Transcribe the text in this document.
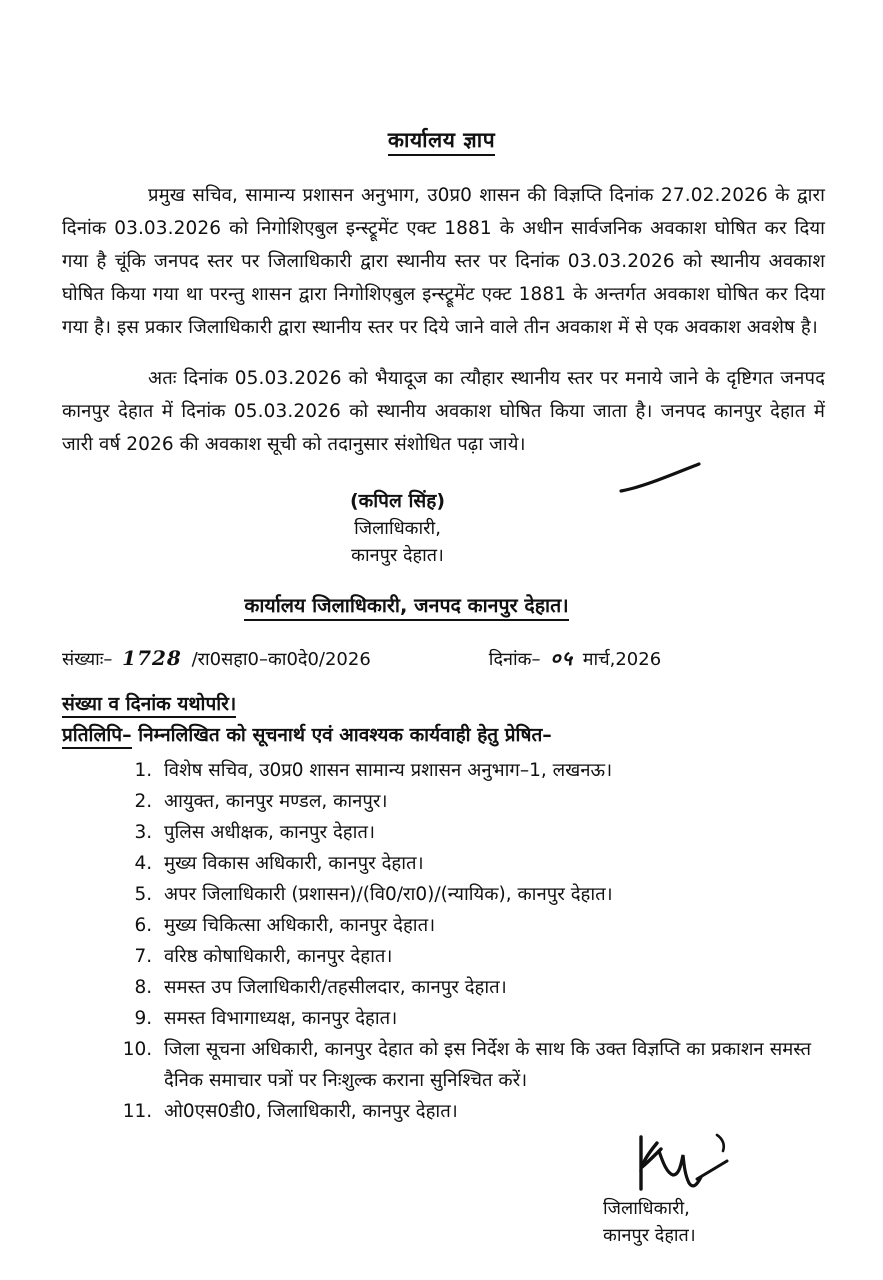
कार्यालय ज्ञाप

प्रमुख सचिव, सामान्य प्रशासन अनुभाग, उ0प्र0 शासन की विज्ञप्ति दिनांक 27.02.2026 के द्वारा दिनांक 03.03.2026 को निगोशिएबुल इन्स्ट्रूमेंट एक्ट 1881 के अधीन सार्वजनिक अवकाश घोषित कर दिया गया है चूंकि जनपद स्तर पर जिलाधिकारी द्वारा स्थानीय स्तर पर दिनांक 03.03.2026 को स्थानीय अवकाश घोषित किया गया था परन्तु शासन द्वारा निगोशिएबुल इन्स्ट्रूमेंट एक्ट 1881 के अन्तर्गत अवकाश घोषित कर दिया गया है। इस प्रकार जिलाधिकारी द्वारा स्थानीय स्तर पर दिये जाने वाले तीन अवकाश में से एक अवकाश अवशेष है।

अतः दिनांक 05.03.2026 को भैयादूज का त्यौहार स्थानीय स्तर पर मनाये जाने के दृष्टिगत जनपद कानपुर देहात में दिनांक 05.03.2026 को स्थानीय अवकाश घोषित किया जाता है। जनपद कानपुर देहात में जारी वर्ष 2026 की अवकाश सूची को तदानुसार संशोधित पढ़ा जाये।

(कपिल सिंह)
जिलाधिकारी,
कानपुर देहात।
कार्यालय जिलाधिकारी, जनपद कानपुर देहात।
संख्याः– 1728 /रा0सहा0–का0दे0/2026	दिनांक– ०५ मार्च,2026
संख्या व दिनांक यथोपरि।
प्रतिलिपि– निम्नलिखित को सूचनार्थ एवं आवश्यक कार्यवाही हेतु प्रेषित–
1. विशेष सचिव, उ0प्र0 शासन सामान्य प्रशासन अनुभाग–1, लखनऊ।
2. आयुक्त, कानपुर मण्डल, कानपुर।
3. पुलिस अधीक्षक, कानपुर देहात।
4. मुख्य विकास अधिकारी, कानपुर देहात।
5. अपर जिलाधिकारी (प्रशासन)/(वि0/रा0)/(न्यायिक), कानपुर देहात।
6. मुख्य चिकित्सा अधिकारी, कानपुर देहात।
7. वरिष्ठ कोषाधिकारी, कानपुर देहात।
8. समस्त उप जिलाधिकारी/तहसीलदार, कानपुर देहात।
9. समस्त विभागाध्यक्ष, कानपुर देहात।
10. जिला सूचना अधिकारी, कानपुर देहात को इस निर्देश के साथ कि उक्त विज्ञप्ति का प्रकाशन समस्त दैनिक समाचार पत्रों पर निःशुल्क कराना सुनिश्चित करें।
11. ओ0एस0डी0, जिलाधिकारी, कानपुर देहात।
जिलाधिकारी,
कानपुर देहात।
